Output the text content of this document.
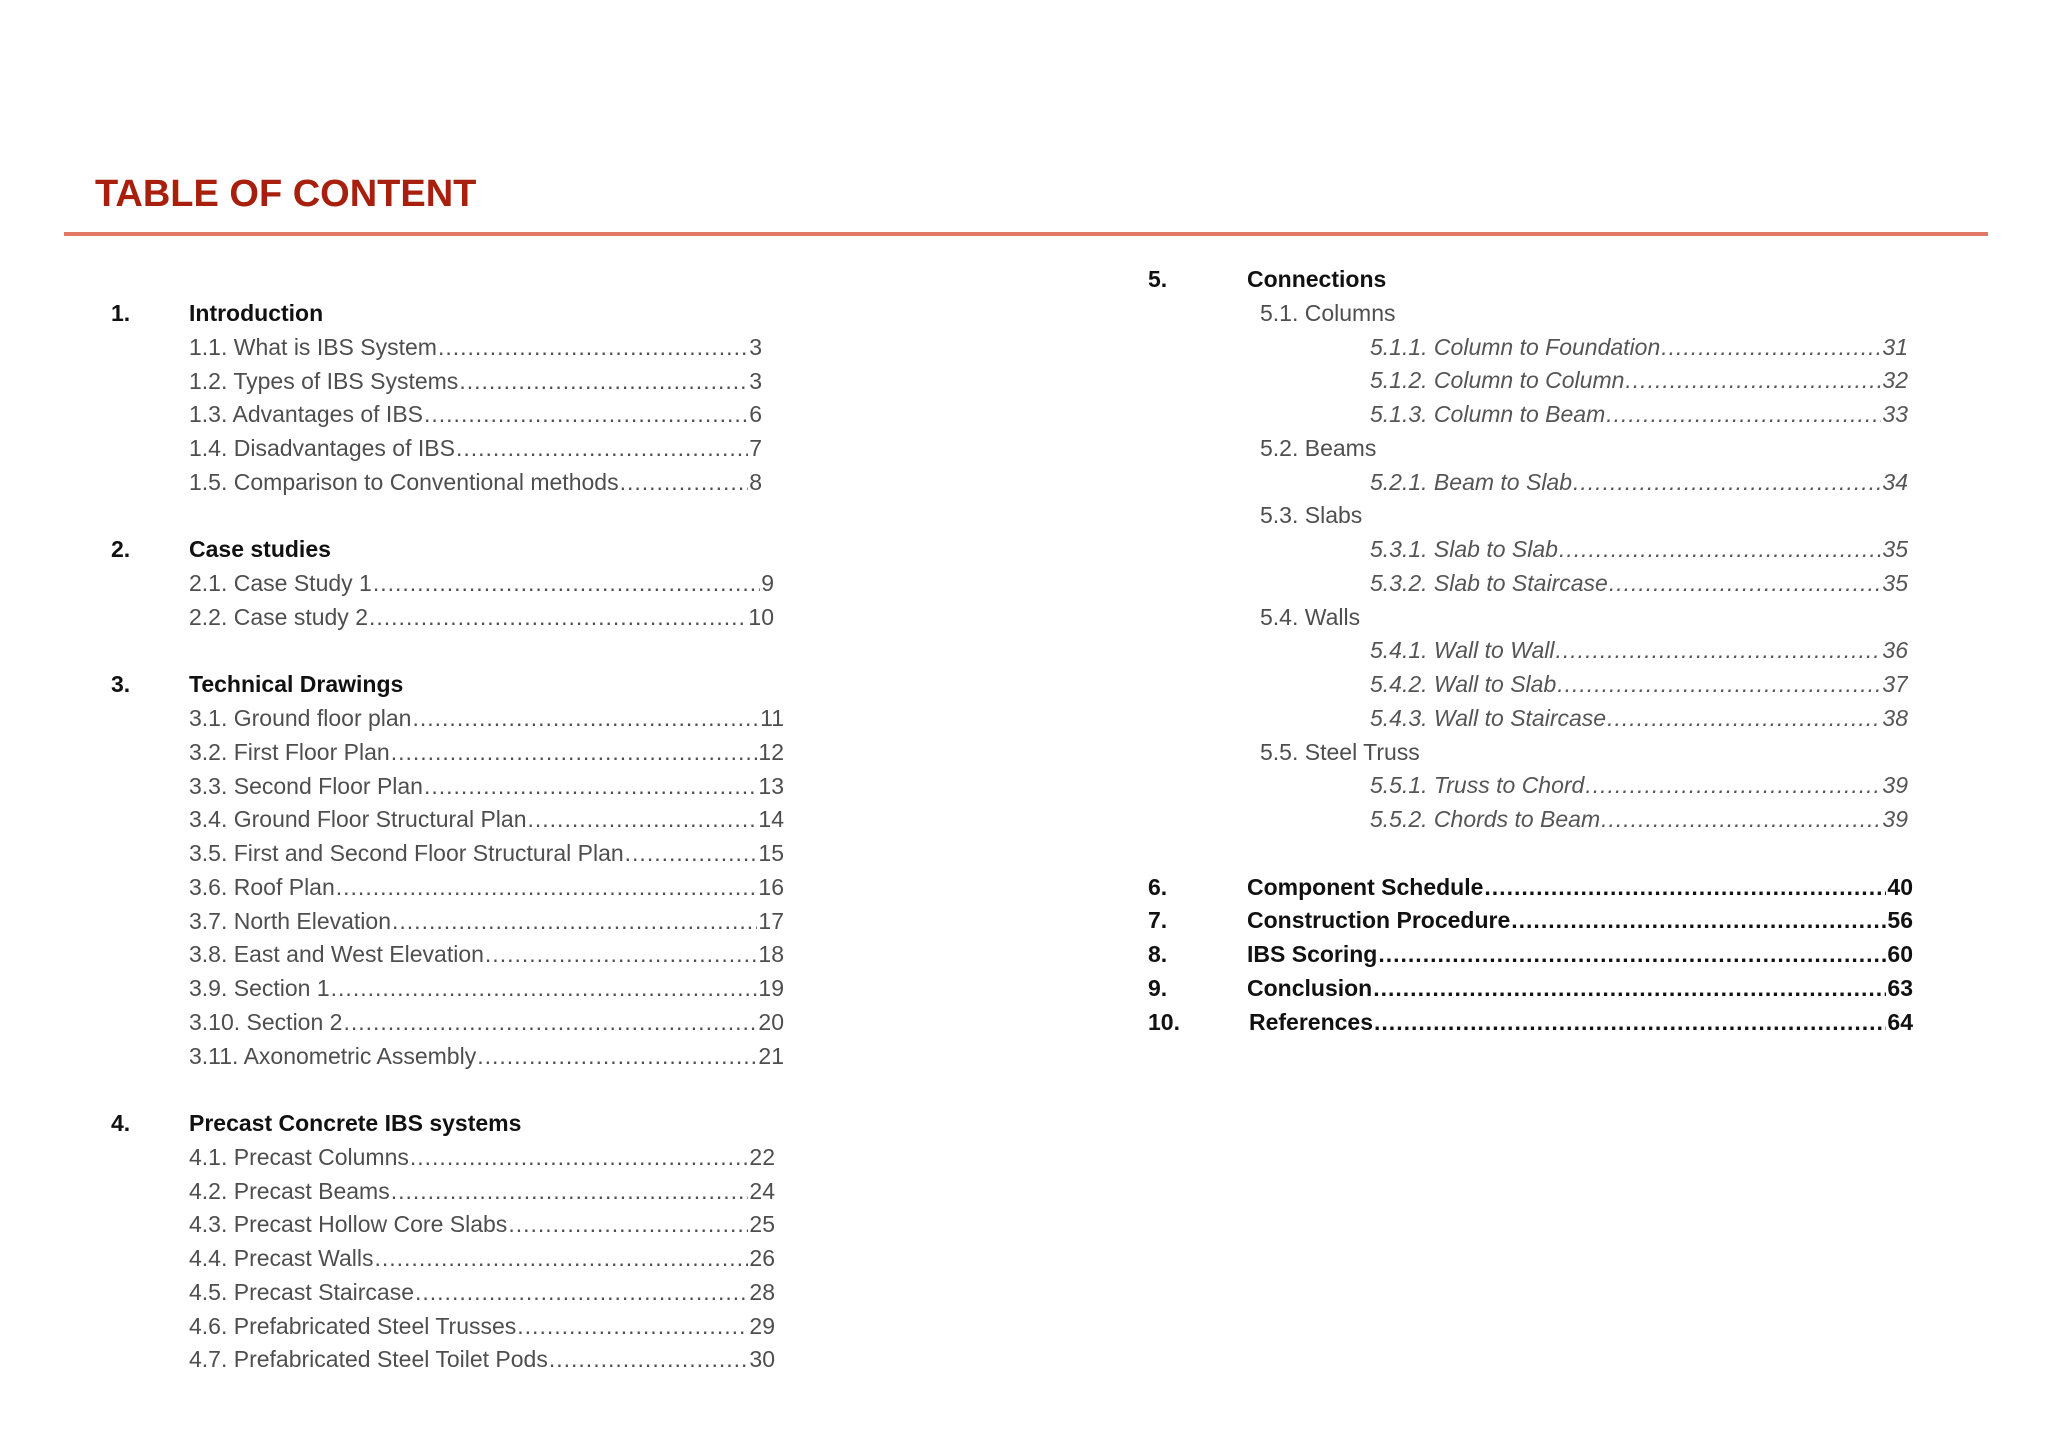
TABLE OF CONTENT
1.	Introduction
1.1. What is IBS System .....	3
1.2. Types of IBS Systems .....	3
1.3. Advantages of IBS .....	6
1.4. Disadvantages of IBS .....	7
1.5. Comparison to Conventional methods .....	8
2.	Case studies
2.1. Case Study 1 .....	9
2.2. Case study 2 .....	10
3.	Technical Drawings
3.1. Ground floor plan .....	11
3.2. First Floor Plan .....	12
3.3. Second Floor Plan .....	13
3.4. Ground Floor Structural Plan .....	14
3.5. First and Second Floor Structural Plan .....	15
3.6. Roof Plan .....	16
3.7. North Elevation .....	17
3.8. East and West Elevation .....	18
3.9. Section 1 .....	19
3.10. Section 2 .....	20
3.11. Axonometric Assembly .....	21
4.	Precast Concrete IBS systems
4.1. Precast Columns .....	22
4.2. Precast Beams .....	24
4.3. Precast Hollow Core Slabs .....	25
4.4. Precast Walls .....	26
4.5. Precast Staircase .....	28
4.6. Prefabricated Steel Trusses .....	29
4.7. Prefabricated Steel Toilet Pods .....	30
5.	Connections
5.1. Columns
5.1.1. Column to Foundation .....	31
5.1.2. Column to Column .....	32
5.1.3. Column to Beam .....	33
5.2. Beams
5.2.1. Beam to Slab .....	34
5.3. Slabs
5.3.1. Slab to Slab .....	35
5.3.2. Slab to Staircase .....	35
5.4. Walls
5.4.1. Wall to Wall .....	36
5.4.2. Wall to Slab .....	37
5.4.3. Wall to Staircase .....	38
5.5. Steel Truss
5.5.1. Truss to Chord .....	39
5.5.2. Chords to Beam .....	39
6.	Component Schedule .....	40
7.	Construction Procedure .....	56
8.	IBS Scoring .....	60
9.	Conclusion .....	63
10.	References .....	64
